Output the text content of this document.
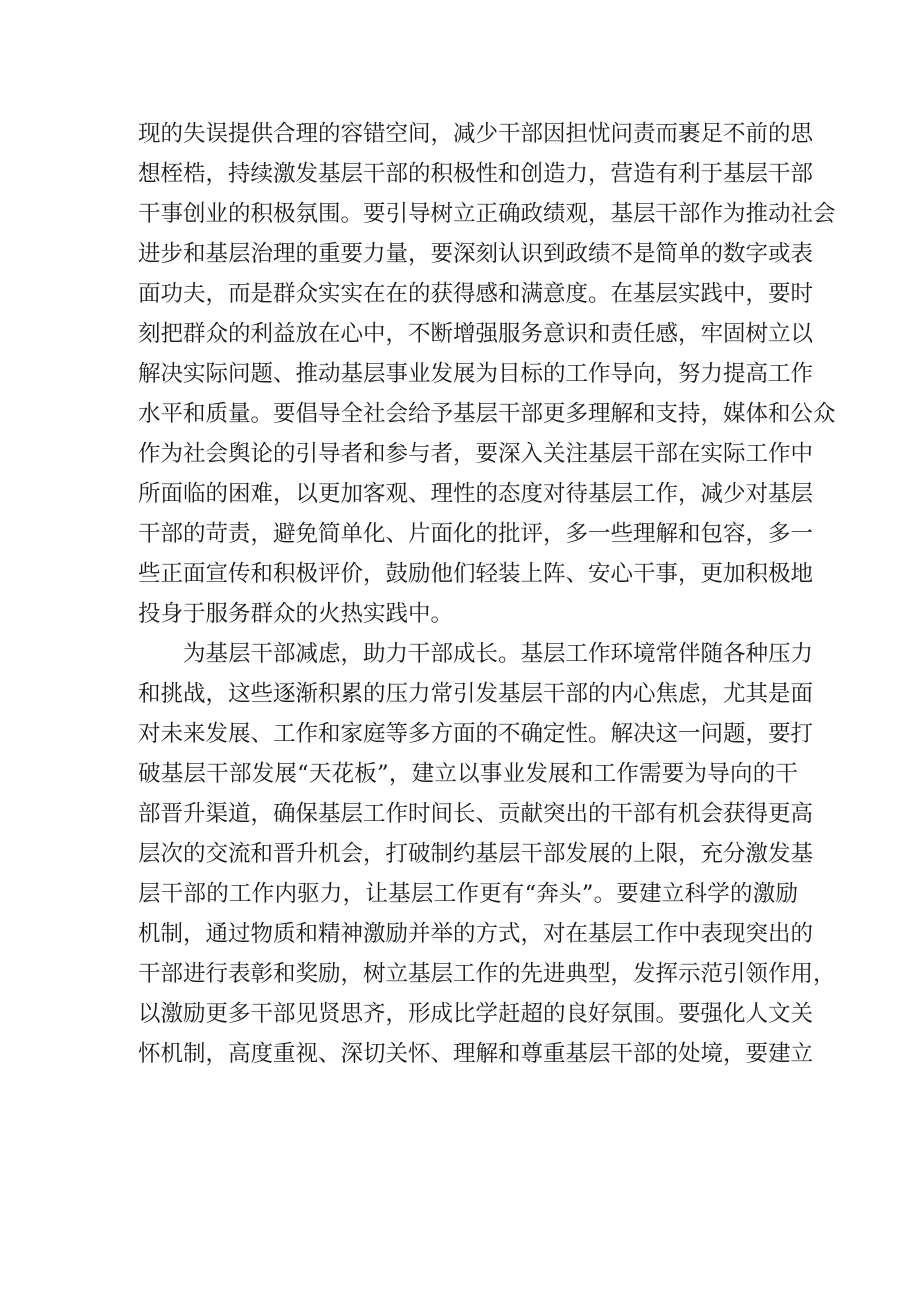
现的失误提供合理的容错空间，减少干部因担忧问责而裹足不前的思
想桎梏，持续激发基层干部的积极性和创造力，营造有利于基层干部
干事创业的积极氛围。要引导树立正确政绩观，基层干部作为推动社会
进步和基层治理的重要力量，要深刻认识到政绩不是简单的数字或表
面功夫，而是群众实实在在的获得感和满意度。在基层实践中，要时
刻把群众的利益放在心中，不断增强服务意识和责任感，牢固树立以
解决实际问题、推动基层事业发展为目标的工作导向，努力提高工作
水平和质量。要倡导全社会给予基层干部更多理解和支持，媒体和公众
作为社会舆论的引导者和参与者，要深入关注基层干部在实际工作中
所面临的困难，以更加客观、理性的态度对待基层工作，减少对基层
干部的苛责，避免简单化、片面化的批评，多一些理解和包容，多一
些正面宣传和积极评价，鼓励他们轻装上阵、安心干事，更加积极地
投身于服务群众的火热实践中。
为基层干部减虑，助力干部成长。基层工作环境常伴随各种压力
和挑战，这些逐渐积累的压力常引发基层干部的内心焦虑，尤其是面
对未来发展、工作和家庭等多方面的不确定性。解决这一问题，要打
破基层干部发展“天花板”，建立以事业发展和工作需要为导向的干
部晋升渠道，确保基层工作时间长、贡献突出的干部有机会获得更高
层次的交流和晋升机会，打破制约基层干部发展的上限，充分激发基
层干部的工作内驱力，让基层工作更有“奔头”。要建立科学的激励
机制，通过物质和精神激励并举的方式，对在基层工作中表现突出的
干部进行表彰和奖励，树立基层工作的先进典型，发挥示范引领作用，
以激励更多干部见贤思齐，形成比学赶超的良好氛围。要强化人文关
怀机制，高度重视、深切关怀、理解和尊重基层干部的处境，要建立
